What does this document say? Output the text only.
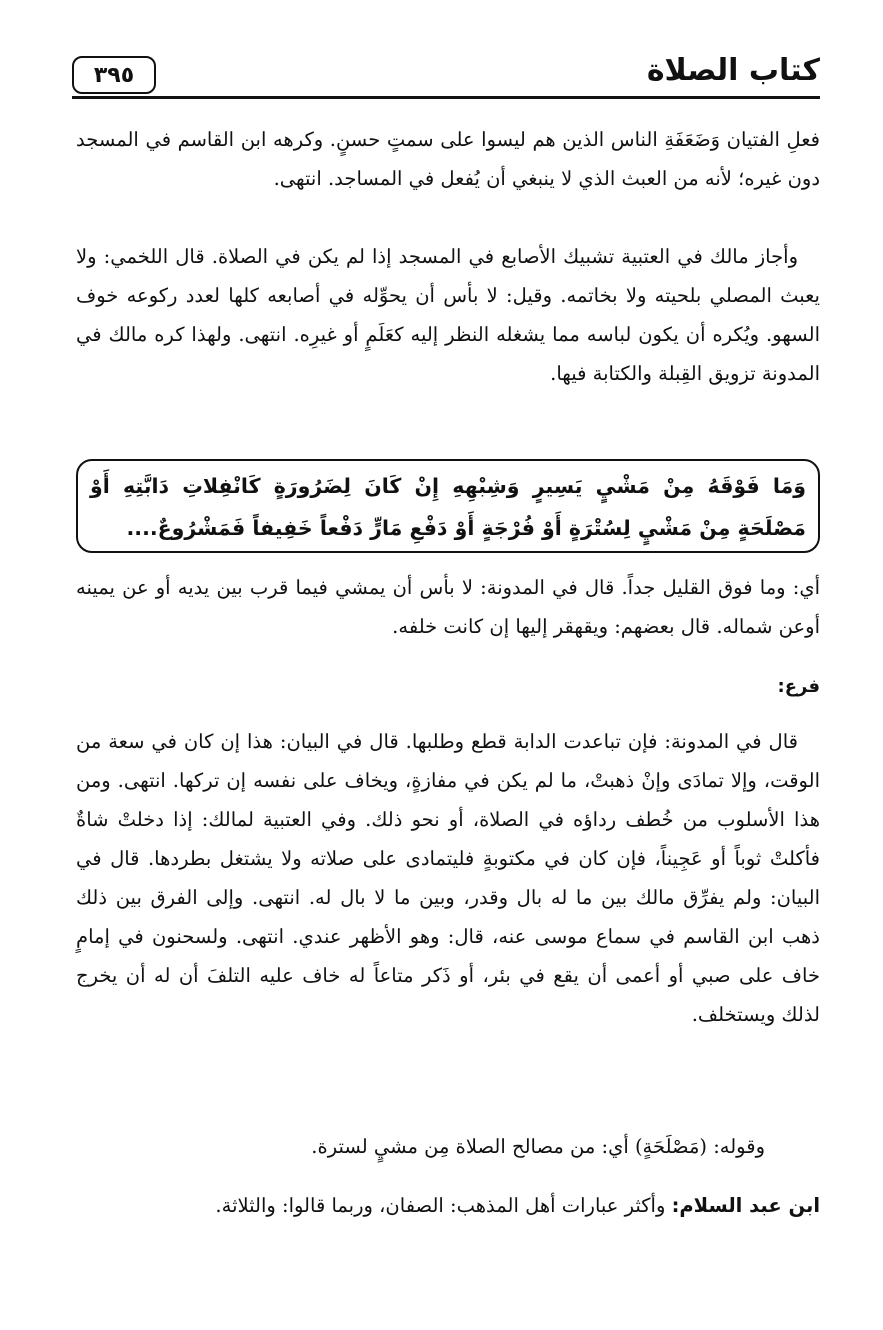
٣٩٥	كتاب الصلاة

فعلِ الفتيان وَضَعَفَةِ الناس الذين هم ليسوا على سمتٍ حسنٍ. وكرهه ابن القاسم في المسجد دون غيره؛ لأنه من العبث الذي لا ينبغي أن يُفعل في المساجد. انتهى.

وأجاز مالك في العتبية تشبيك الأصابع في المسجد إذا لم يكن في الصلاة. قال اللخمي: ولا يعبث المصلي بلحيته ولا بخاتمه. وقيل: لا بأس أن يحوِّله في أصابعه كلها لعدد ركوعه خوف السهو. ويُكره أن يكون لباسه مما يشغله النظر إليه كعَلَمٍ أو غيرِه. انتهى. ولهذا كره مالك في المدونة تزويق القِبلة والكتابة فيها.

وَمَا فَوْقَهُ مِنْ مَشْيٍ يَسِيرٍ وَشِبْهِهِ إِنْ كَانَ لِضَرُورَةٍ كَانْفِلاتِ دَابَّتِهِ أَوْ مَصْلَحَةٍ مِنْ مَشْيٍ لِسُتْرَةٍ أَوْ فُرْجَةٍ أَوْ دَفْعِ مَارٍّ دَفْعاً خَفِيفاً فَمَشْرُوعٌ....

أي: وما فوق القليل جداً. قال في المدونة: لا بأس أن يمشي فيما قرب بين يديه أو عن يمينه أوعن شماله. قال بعضهم: ويقهقر إليها إن كانت خلفه.

فرع:

قال في المدونة: فإن تباعدت الدابة قطع وطلبها. قال في البيان: هذا إن كان في سعة من الوقت، وإلا تمادَى وإنْ ذهبتْ، ما لم يكن في مفازةٍ، ويخاف على نفسه إن تركها. انتهى. ومن هذا الأسلوب من خُطف رداؤه في الصلاة، أو نحو ذلك. وفي العتبية لمالك: إذا دخلتْ شاةٌ فأكلتْ ثوباً أو عَجِيناً، فإن كان في مكتوبةٍ فليتمادى على صلاته ولا يشتغل بطردها. قال في البيان: ولم يفرِّق مالك بين ما له بال وقدر، وبين ما لا بال له. انتهى. وإلى الفرق بين ذلك ذهب ابن القاسم في سماع موسى عنه، قال: وهو الأظهر عندي. انتهى. ولسحنون في إمامٍ خاف على صبي أو أعمى أن يقع في بئر، أو ذَكر متاعاً له خاف عليه التلفَ أن له أن يخرج لذلك ويستخلف.

وقوله: (مَصْلَحَةٍ) أي: من مصالح الصلاة مِن مشيٍ لسترة.

ابن عبد السلام: وأكثر عبارات أهل المذهب: الصفان، وربما قالوا: والثلاثة.
